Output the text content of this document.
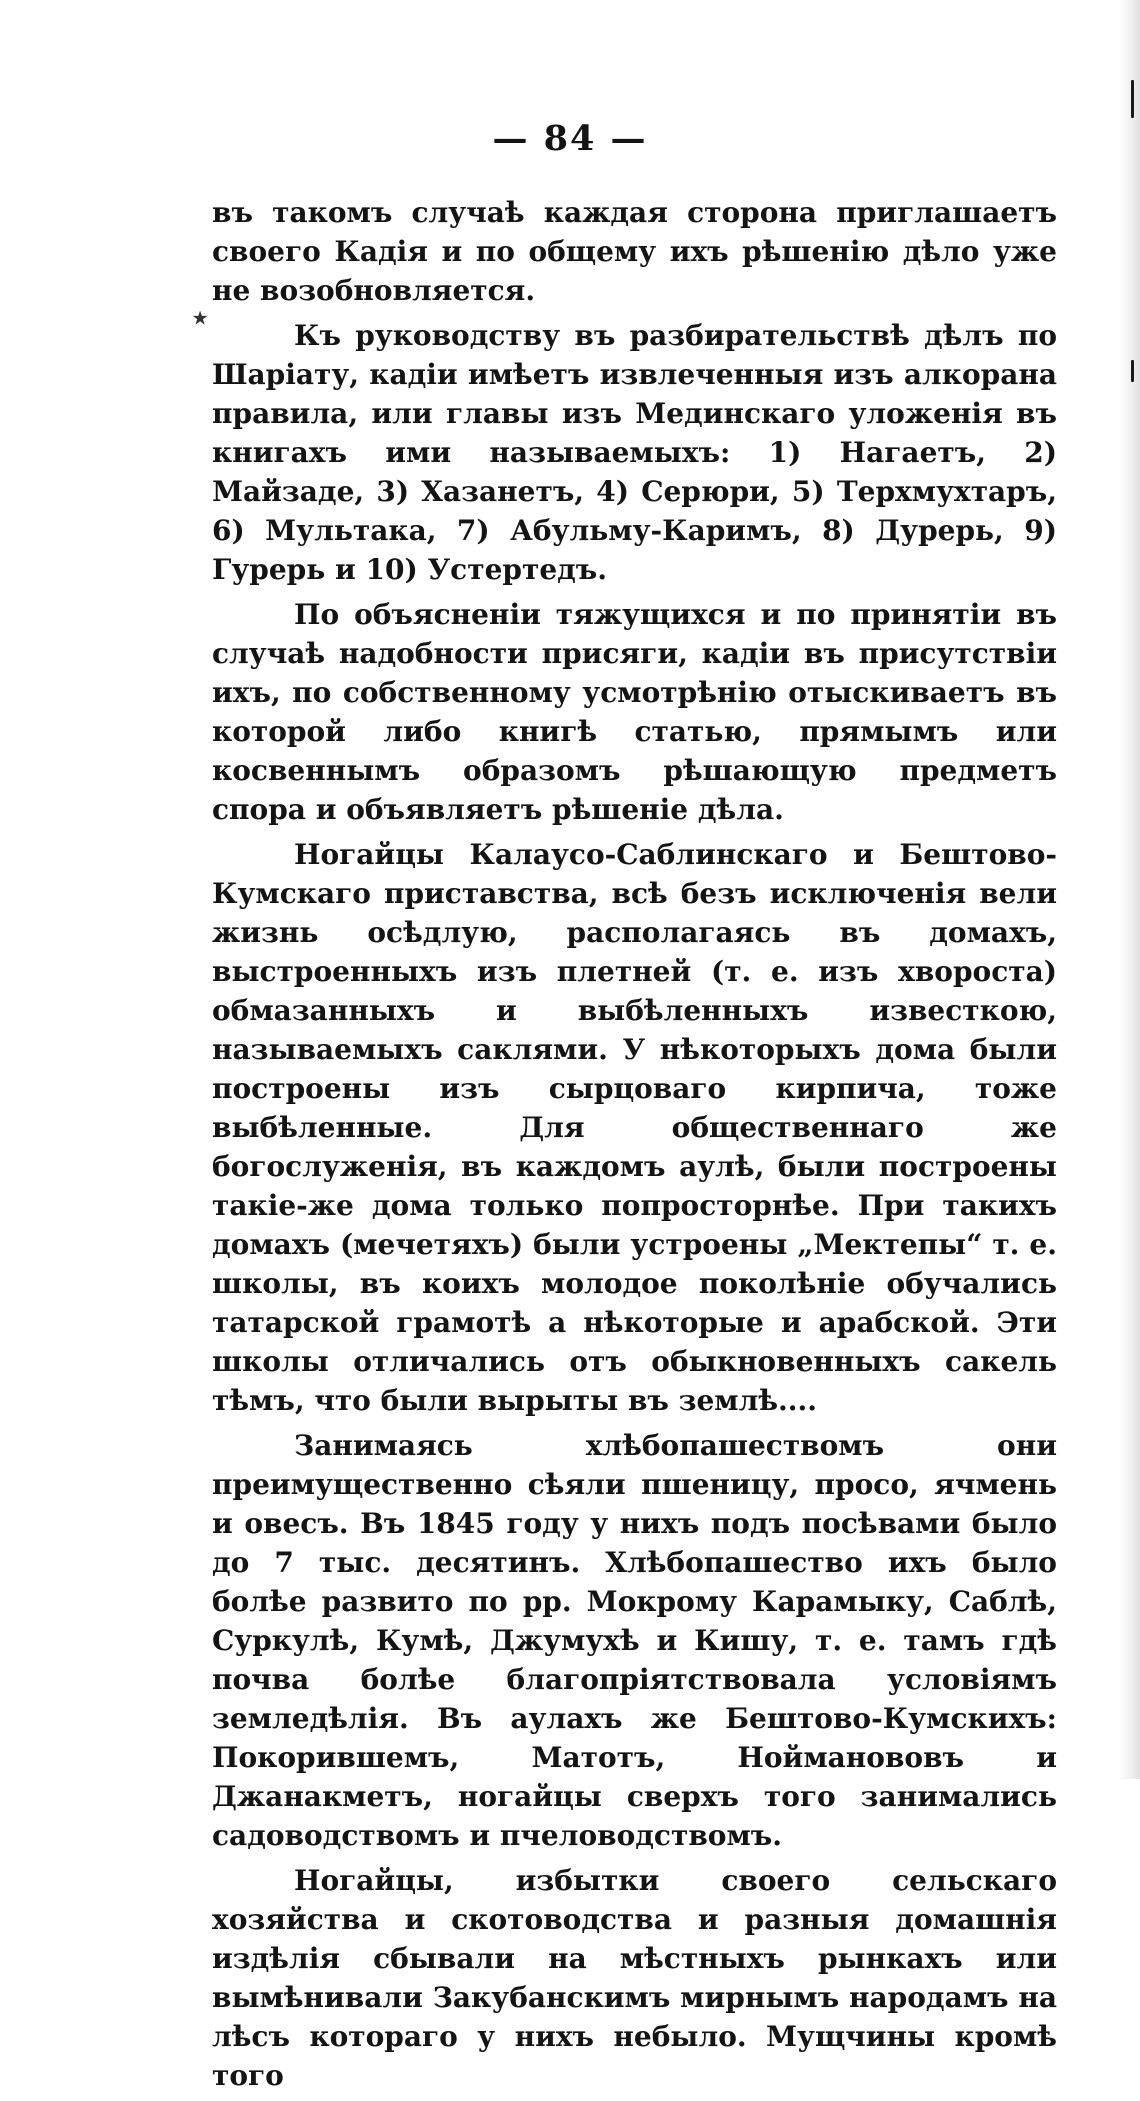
— 84 —
٭

въ такомъ случаѣ каждая сторона приглашаетъ своего Кадія и по общему ихъ рѣшенію дѣло уже не возобновляется.

Къ руководству въ разбирательствѣ дѣлъ по Шаріату, кадіи имѣетъ извлеченныя изъ алкорана правила, или главы изъ Мединскаго уложенія въ книгахъ ими называемыхъ: 1) Нагаетъ, 2) Майзаде, 3) Хазанетъ, 4) Серюри, 5) Терхмухтаръ, 6) Мультака, 7) Абульму-Каримъ, 8) Дурерь, 9) Гурерь и 10) Устертедъ.

По объясненіи тяжущихся и по принятіи въ случаѣ надобности присяги, кадіи въ присутствіи ихъ, по собственному усмотрѣнію отыскиваетъ въ которой либо книгѣ статью, прямымъ или косвеннымъ образомъ рѣшающую предметъ спора и объявляетъ рѣшеніе дѣла.

Ногайцы Калаусо-Саблинскаго и Бештово-Кумскаго приставства, всѣ безъ исключенія вели жизнь осѣдлую, располагаясь въ домахъ, выстроенныхъ изъ плетней (т. е. изъ хвороста) обмазанныхъ и выбѣленныхъ известкою, называемыхъ саклями. У нѣкоторыхъ дома были построены изъ сырцоваго кирпича, тоже выбѣленные. Для общественнаго же богослуженія, въ каждомъ аулѣ, были построены такіе-же дома только попросторнѣе. При такихъ домахъ (мечетяхъ) были устроены „Мектепы“ т. е. школы, въ коихъ молодое поколѣніе обучались татарской грамотѣ а нѣкоторые и арабской. Эти школы отличались отъ обыкновенныхъ сакель тѣмъ, что были вырыты въ землѣ....

Занимаясь хлѣбопашествомъ они преимущественно сѣяли пшеницу, просо, ячмень и овесъ. Въ 1845 году у нихъ подъ посѣвами было до 7 тыс. десятинъ. Хлѣбопашество ихъ было болѣе развито по рр. Мокрому Карамыку, Саблѣ, Суркулѣ, Кумѣ, Джумухѣ и Кишу, т. е. тамъ гдѣ почва болѣе благопріятствовала условіямъ земледѣлія. Въ аулахъ же Бештово-Кумскихъ: Покорившемъ, Матотъ, Нойманововъ и Джанакметъ, ногайцы сверхъ того занимались садоводствомъ и пчеловодствомъ.

Ногайцы, избытки своего сельскаго хозяйства и скотоводства и разныя домашнія издѣлія сбывали на мѣстныхъ рынкахъ или вымѣнивали Закубанскимъ мирнымъ народамъ на лѣсъ котораго у нихъ небыло. Мущчины кромѣ того
